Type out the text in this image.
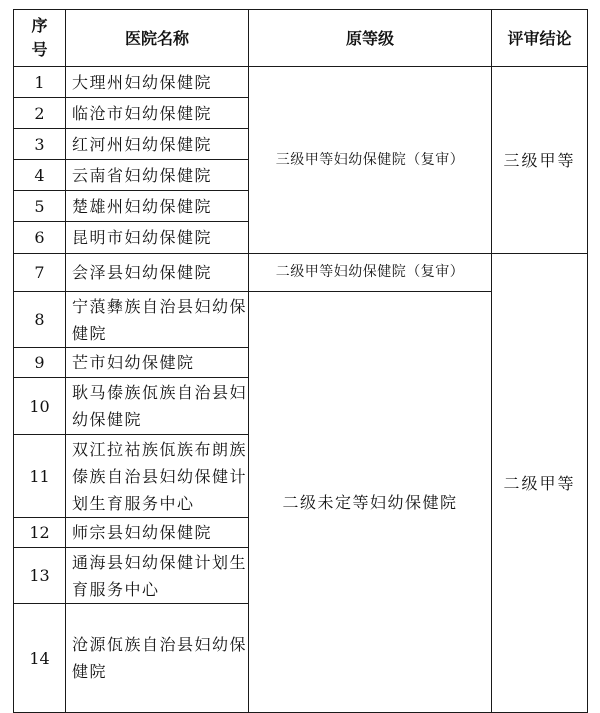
序号	医院名称	原等级	评审结论	
1	大理州妇幼保健院	三级甲等妇幼保健院（复审）	三级甲等	
2	临沧市妇幼保健院			
3	红河州妇幼保健院			
4	云南省妇幼保健院			
5	楚雄州妇幼保健院			
6	昆明市妇幼保健院			
7	会泽县妇幼保健院	二级甲等妇幼保健院（复审）	二级甲等	
8	宁蒗彝族自治县妇幼保健院	二级未定等妇幼保健院		
9	芒市妇幼保健院			
10	耿马傣族佤族自治县妇幼保健院			
11	双江拉祜族佤族布朗族傣族自治县妇幼保健计划生育服务中心			
12	师宗县妇幼保健院			
13	通海县妇幼保健计划生育服务中心			
14	沧源佤族自治县妇幼保健院	
